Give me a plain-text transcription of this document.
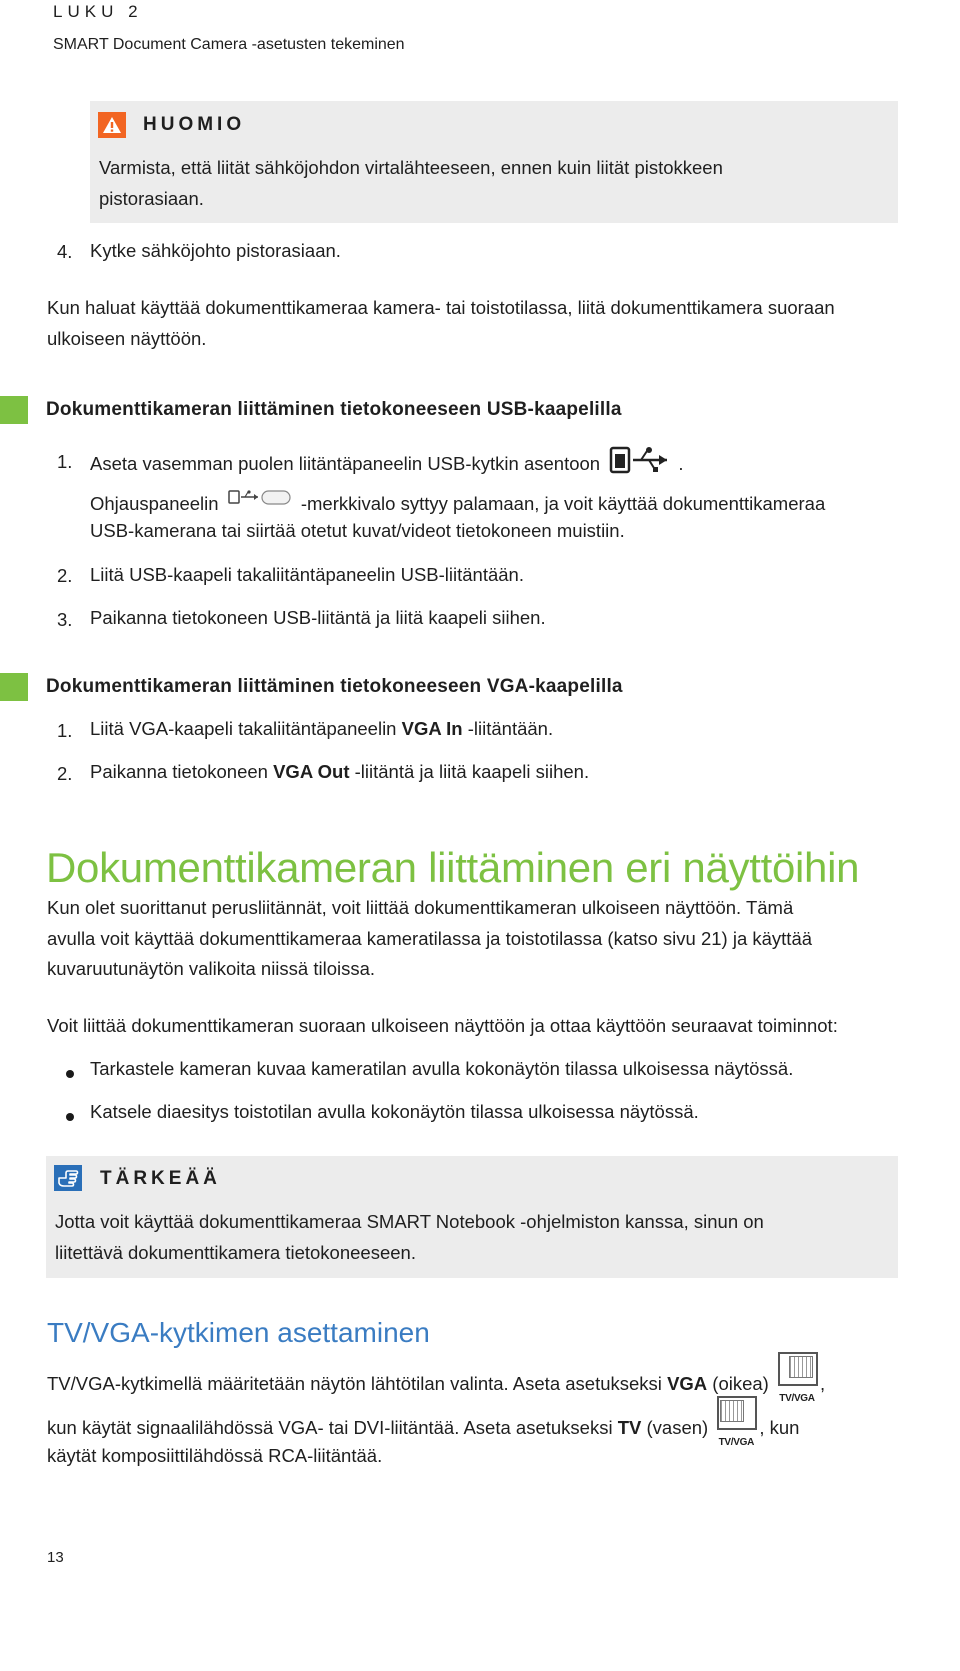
LUKU 2
SMART Document Camera -asetusten tekeminen
HUOMIO
Varmista, että liität sähköjohdon virtalähteeseen, ennen kuin liität pistokkeen
pistorasiaan.
4. Kytke sähköjohto pistorasiaan.
Kun haluat käyttää dokumenttikameraa kamera- tai toistotilassa, liitä dokumenttikamera suoraan
ulkoiseen näyttöön.
Dokumenttikameran liittäminen tietokoneeseen USB-kaapelilla
1. Aseta vasemman puolen liitäntäpaneelin USB-kytkin asentoon	.
Ohjauspaneelin	-merkkivalo syttyy palamaan, ja voit käyttää dokumenttikameraa
USB-kamerana tai siirtää otetut kuvat/videot tietokoneen muistiin.
2. Liitä USB-kaapeli takaliitäntäpaneelin USB-liitäntään.
3. Paikanna tietokoneen USB-liitäntä ja liitä kaapeli siihen.
Dokumenttikameran liittäminen tietokoneeseen VGA-kaapelilla
1. Liitä VGA-kaapeli takaliitäntäpaneelin VGA In -liitäntään.
2. Paikanna tietokoneen VGA Out -liitäntä ja liitä kaapeli siihen.
Dokumenttikameran liittäminen eri näyttöihin
Kun olet suorittanut perusliitännät, voit liittää dokumenttikameran ulkoiseen näyttöön. Tämä
avulla voit käyttää dokumenttikameraa kameratilassa ja toistotilassa (katso sivu 21) ja käyttää
kuvaruutunäytön valikoita niissä tiloissa.
Voit liittää dokumenttikameran suoraan ulkoiseen näyttöön ja ottaa käyttöön seuraavat toiminnot:
Tarkastele kameran kuvaa kameratilan avulla kokonäytön tilassa ulkoisessa näytössä.
Katsele diaesitys toistotilan avulla kokonäytön tilassa ulkoisessa näytössä.
TÄRKEÄÄ
Jotta voit käyttää dokumenttikameraa SMART Notebook -ohjelmiston kanssa, sinun on
liitettävä dokumenttikamera tietokoneeseen.
TV/VGA-kytkimen asettaminen
TV/VGA-kytkimellä määritetään näytön lähtötilan valinta. Aseta asetukseksi VGA (oikea)
TV/VGA
,
kun käytät signaalilähdössä VGA- tai DVI-liitäntää. Aseta asetukseksi TV (vasen)
TV/VGA
, kun
käytät komposiittilähdössä RCA-liitäntää.
13
